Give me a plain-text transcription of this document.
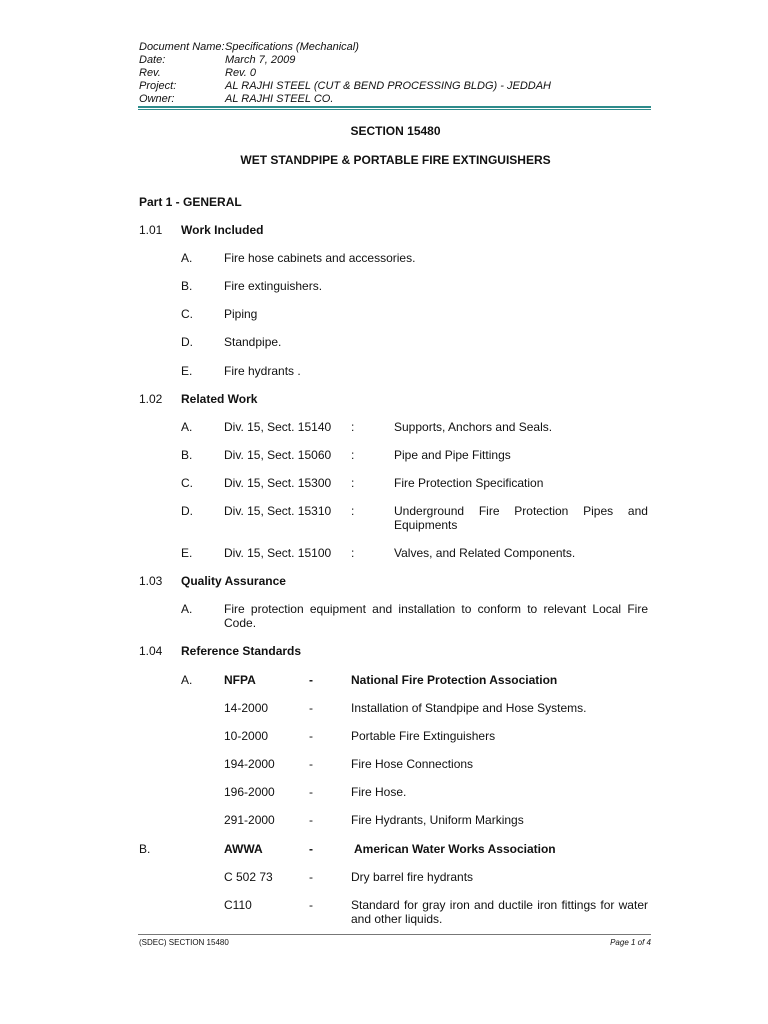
Document Name: Specifications (Mechanical)
Date:	March 7, 2009
Rev.	Rev. 0
Project:	AL RAJHI STEEL (CUT & BEND PROCESSING BLDG) - JEDDAH
Owner:	AL RAJHI STEEL CO.
SECTION 15480
WET STANDPIPE & PORTABLE FIRE EXTINGUISHERS
Part 1 - GENERAL
1.01 Work Included
A.	Fire hose cabinets and accessories.
B.	Fire extinguishers.
C.	Piping
D.	Standpipe.
E.	Fire hydrants .
1.02 Related Work
A.	Div. 15, Sect. 15140 :	Supports, Anchors and Seals.
B.	Div. 15, Sect. 15060 :	Pipe and Pipe Fittings
C.	Div. 15, Sect. 15300 :	Fire Protection Specification
D.	Div. 15, Sect. 15310 :	Underground Fire Protection Pipes and
Equipments
E.	Div. 15, Sect. 15100 :	Valves, and Related Components.
1.03 Quality Assurance
A.	Fire protection equipment and installation to conform to relevant Local Fire Code.
1.04 Reference Standards
A.	NFPA	-	National Fire Protection Association
14-2000	-	Installation of Standpipe and Hose Systems.
10-2000	-	Portable Fire Extinguishers
194-2000	-	Fire Hose Connections
196-2000	-	Fire Hose.
291-2000	-	Fire Hydrants, Uniform Markings
B.	AWWA	-	American Water Works Association
C 502 73	-	Dry barrel fire hydrants
C110	-	Standard for gray iron and ductile iron fittings for water and other liquids.
(SDEC) SECTION 15480	Page 1 of 4
